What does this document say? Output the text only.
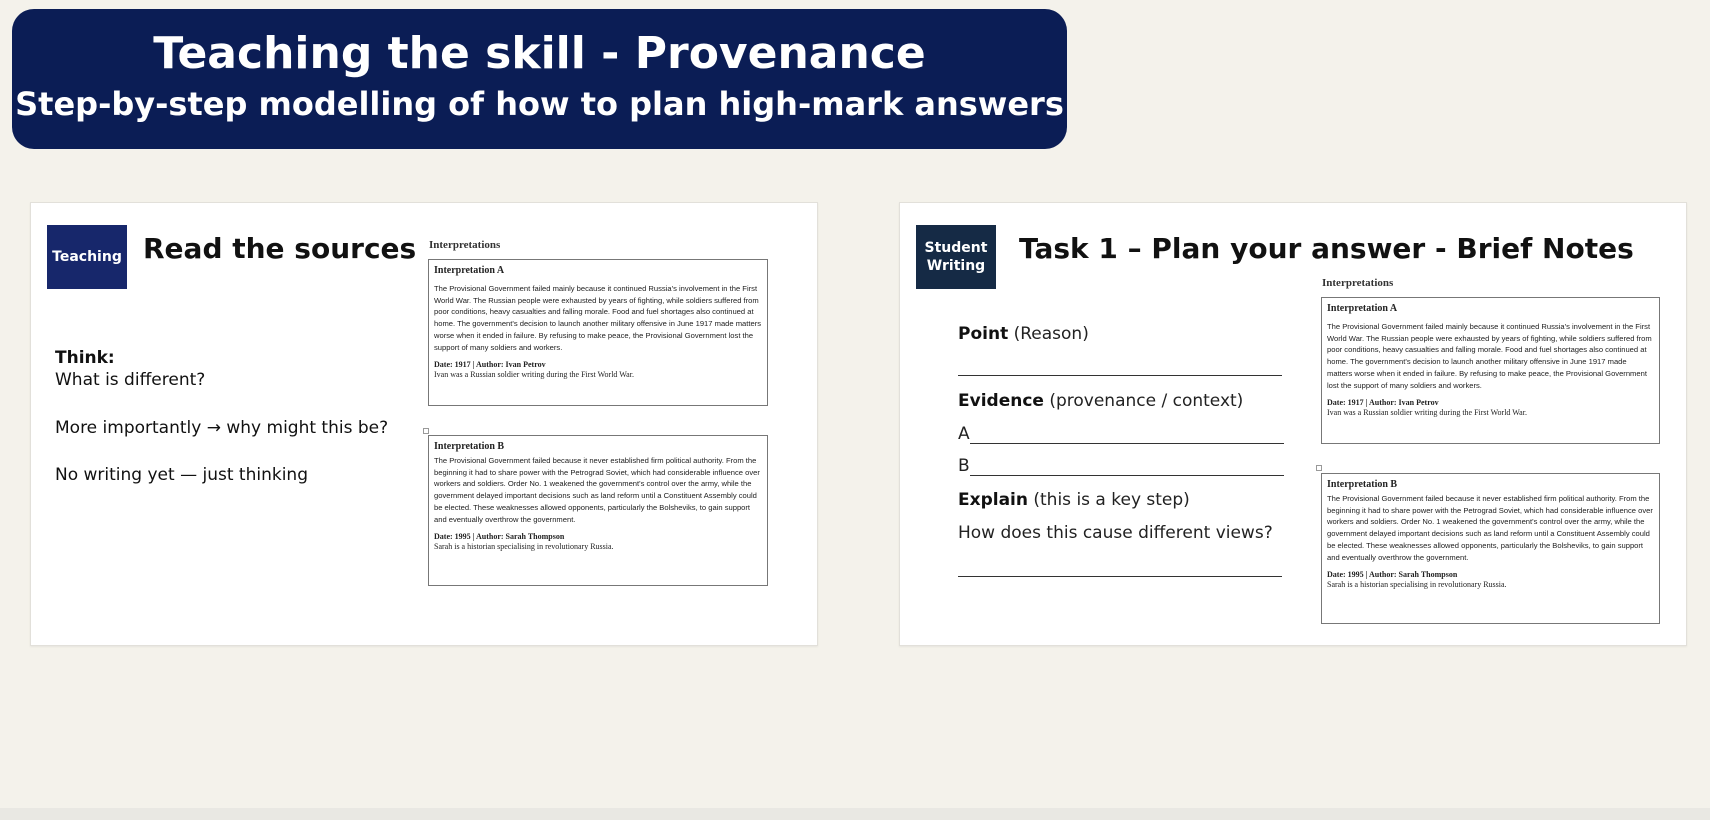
Teaching the skill - Provenance
Step-by-step modelling of how to plan high-mark answers
Teaching Read the sources
Think:
What is different?
More importantly → why might this be?
No writing yet — just thinking
Interpretations
Interpretation A
The Provisional Government failed mainly because it continued Russia's involvement in the First World War. The Russian people were exhausted by years of fighting, while soldiers suffered from poor conditions, heavy casualties and falling morale. Food and fuel shortages also continued at home. The government's decision to launch another military offensive in June 1917 made matters worse when it ended in failure. By refusing to make peace, the Provisional Government lost the support of many soldiers and workers.
Date: 1917 | Author: Ivan Petrov
Ivan was a Russian soldier writing during the First World War.
Interpretation B
The Provisional Government failed because it never established firm political authority. From the beginning it had to share power with the Petrograd Soviet, which had considerable influence over workers and soldiers. Order No. 1 weakened the government's control over the army, while the government delayed important decisions such as land reform until a Constituent Assembly could be elected. These weaknesses allowed opponents, particularly the Bolsheviks, to gain support and eventually overthrow the government.
Date: 1995 | Author: Sarah Thompson
Sarah is a historian specialising in revolutionary Russia.
Student
Writing
Task 1 – Plan your answer - Brief Notes
Point (Reason)
Evidence (provenance / context)
A
B
Explain (this is a key step)
How does this cause different views?
Interpretations
Interpretation A
The Provisional Government failed mainly because it continued Russia's involvement in the First World War. The Russian people were exhausted by years of fighting, while soldiers suffered from poor conditions, heavy casualties and falling morale. Food and fuel shortages also continued at home. The government's decision to launch another military offensive in June 1917 made matters worse when it ended in failure. By refusing to make peace, the Provisional Government lost the support of many soldiers and workers.
Date: 1917 | Author: Ivan Petrov
Ivan was a Russian soldier writing during the First World War.
Interpretation B
The Provisional Government failed because it never established firm political authority. From the beginning it had to share power with the Petrograd Soviet, which had considerable influence over workers and soldiers. Order No. 1 weakened the government's control over the army, while the government delayed important decisions such as land reform until a Constituent Assembly could be elected. These weaknesses allowed opponents, particularly the Bolsheviks, to gain support and eventually overthrow the government.
Date: 1995 | Author: Sarah Thompson
Sarah is a historian specialising in revolutionary Russia.
